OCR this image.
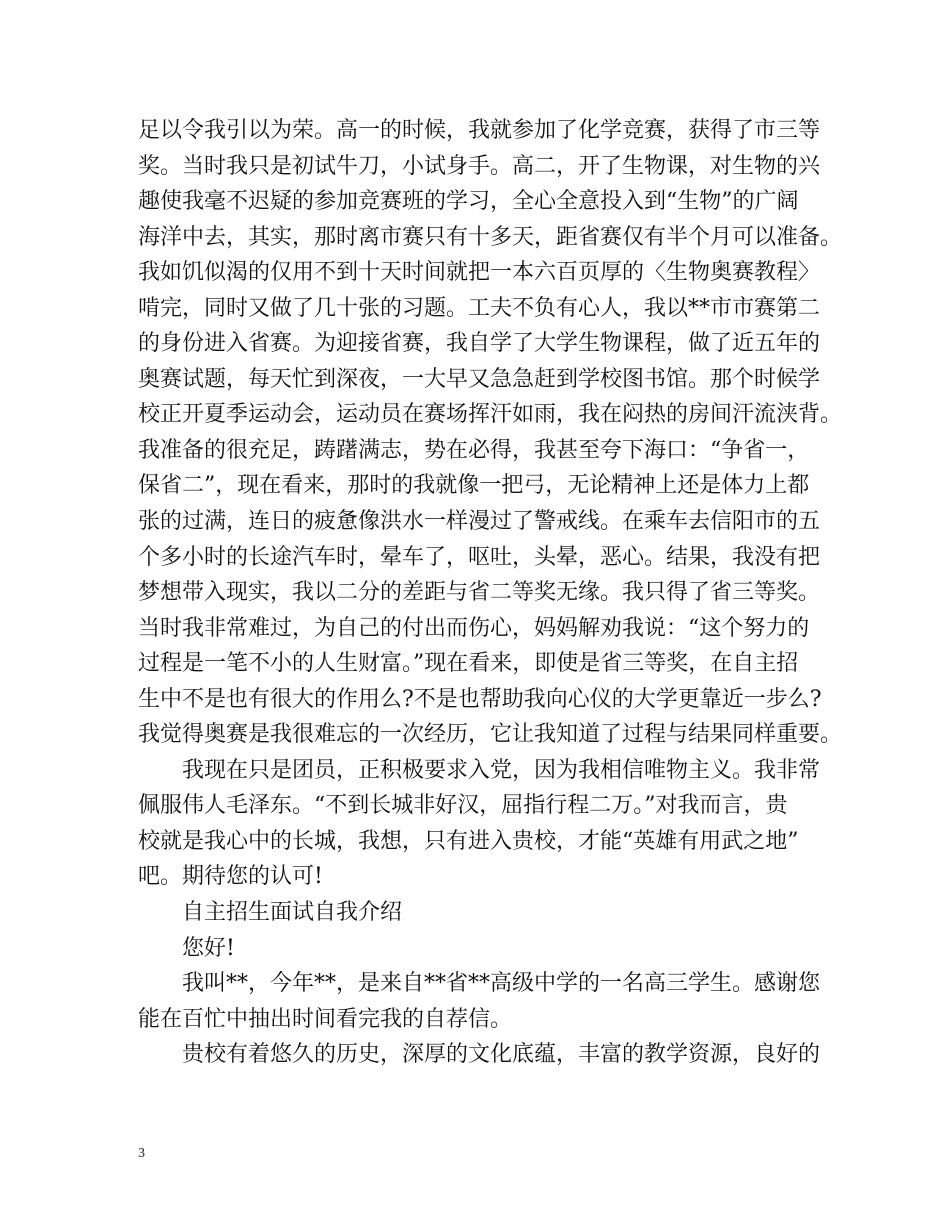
足以令我引以为荣。高一的时候，我就参加了化学竞赛，获得了市三等
奖。当时我只是初试牛刀，小试身手。高二，开了生物课，对生物的兴
趣使我毫不迟疑的参加竞赛班的学习，全心全意投入到“生物”的广阔
海洋中去，其实，那时离市赛只有十多天，距省赛仅有半个月可以准备。
我如饥似渴的仅用不到十天时间就把一本六百页厚的〈生物奥赛教程〉
啃完，同时又做了几十张的习题。工夫不负有心人，我以**市市赛第二
的身份进入省赛。为迎接省赛，我自学了大学生物课程，做了近五年的
奥赛试题，每天忙到深夜，一大早又急急赶到学校图书馆。那个时候学
校正开夏季运动会，运动员在赛场挥汗如雨，我在闷热的房间汗流浃背。
我准备的很充足，踌躇满志，势在必得，我甚至夸下海口：“争省一，
保省二”，现在看来，那时的我就像一把弓，无论精神上还是体力上都
张的过满，连日的疲惫像洪水一样漫过了警戒线。在乘车去信阳市的五
个多小时的长途汽车时，晕车了，呕吐，头晕，恶心。结果，我没有把
梦想带入现实，我以二分的差距与省二等奖无缘。我只得了省三等奖。
当时我非常难过，为自己的付出而伤心，妈妈解劝我说：“这个努力的
过程是一笔不小的人生财富。”现在看来，即使是省三等奖，在自主招
生中不是也有很大的作用么?不是也帮助我向心仪的大学更靠近一步么?
我觉得奥赛是我很难忘的一次经历，它让我知道了过程与结果同样重要。
我现在只是团员，正积极要求入党，因为我相信唯物主义。我非常
佩服伟人毛泽东。“不到长城非好汉，屈指行程二万。”对我而言，贵
校就是我心中的长城，我想，只有进入贵校，才能“英雄有用武之地”
吧。期待您的认可!
自主招生面试自我介绍
您好!
我叫**，今年**，是来自**省**高级中学的一名高三学生。感谢您
能在百忙中抽出时间看完我的自荐信。
贵校有着悠久的历史，深厚的文化底蕴，丰富的教学资源，良好的
3
